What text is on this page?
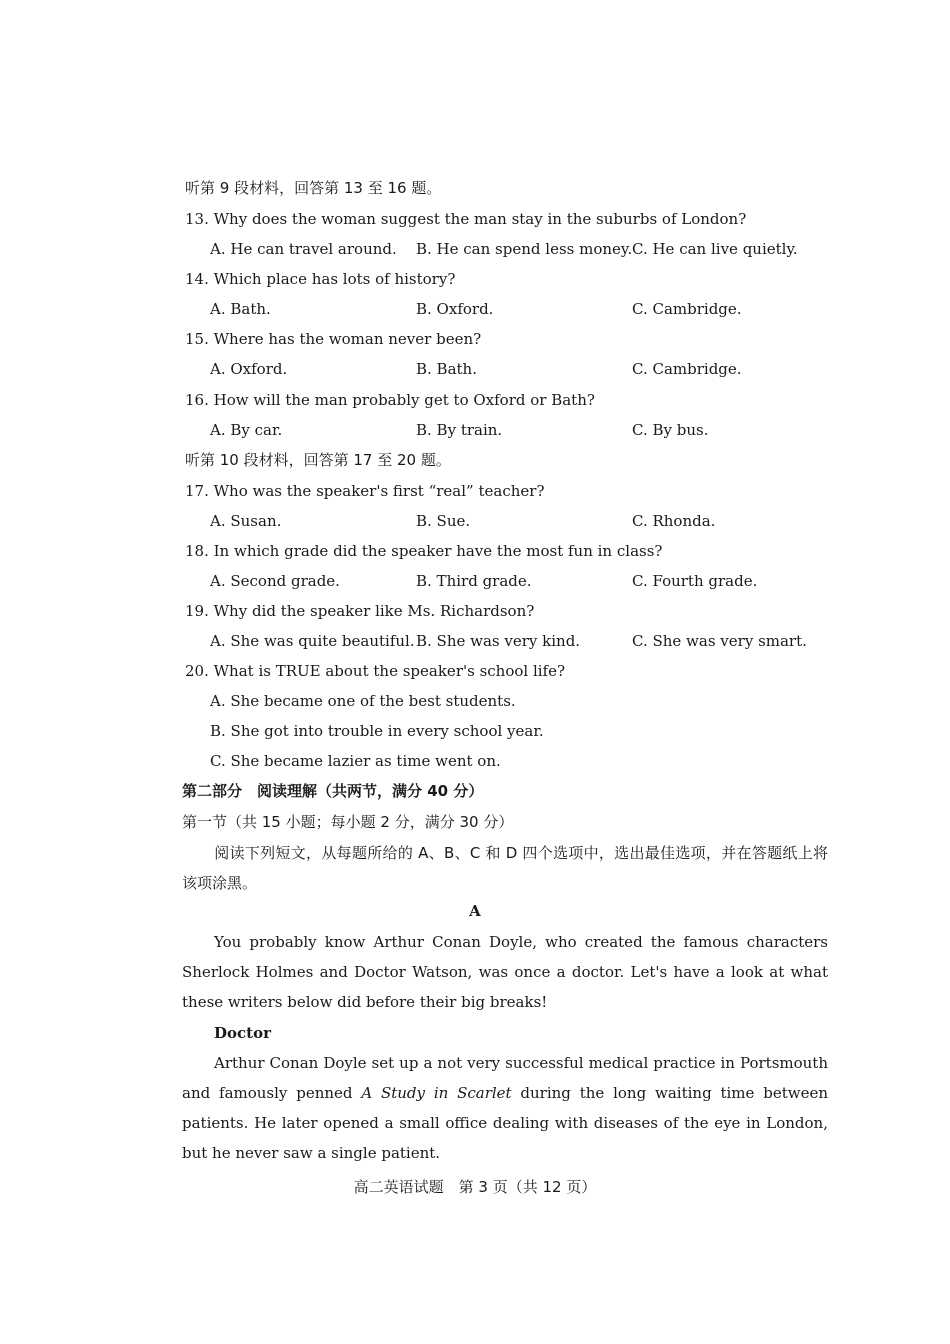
听第 9 段材料，回答第 13 至 16 题。
13. Why does the woman suggest the man stay in the suburbs of London?
A. He can travel around. B. He can spend less money. C. He can live quietly.
14. Which place has lots of history?
A. Bath.	B. Oxford.	C. Cambridge.
15. Where has the woman never been?
A. Oxford.	B. Bath.	C. Cambridge.
16. How will the man probably get to Oxford or Bath?
A. By car.	B. By train.	C. By bus.
听第 10 段材料，回答第 17 至 20 题。
17. Who was the speaker's first “real” teacher?
A. Susan.	B. Sue.	C. Rhonda.
18. In which grade did the speaker have the most fun in class?
A. Second grade.	B. Third grade.	C. Fourth grade.
19. Why did the speaker like Ms. Richardson?
A. She was quite beautiful. B. She was very kind.	C. She was very smart.
20. What is TRUE about the speaker's school life?
A. She became one of the best students.
B. She got into trouble in every school year.
C. She became lazier as time went on.
第二部分　阅读理解（共两节，满分 40 分）
第一节（共 15 小题；每小题 2 分，满分 30 分）
阅读下列短文，从每题所给的 A、B、C 和 D 四个选项中，选出最佳选项，并在答题纸上将该项涂黑。
A
You probably know Arthur Conan Doyle, who created the famous characters Sherlock Holmes and Doctor Watson, was once a doctor. Let's have a look at what these writers below did before their big breaks!
Doctor
Arthur Conan Doyle set up a not very successful medical practice in Portsmouth and famously penned A Study in Scarlet during the long waiting time between patients. He later opened a small office dealing with diseases of the eye in London, but he never saw a single patient.
高二英语试题　第 3 页（共 12 页）
